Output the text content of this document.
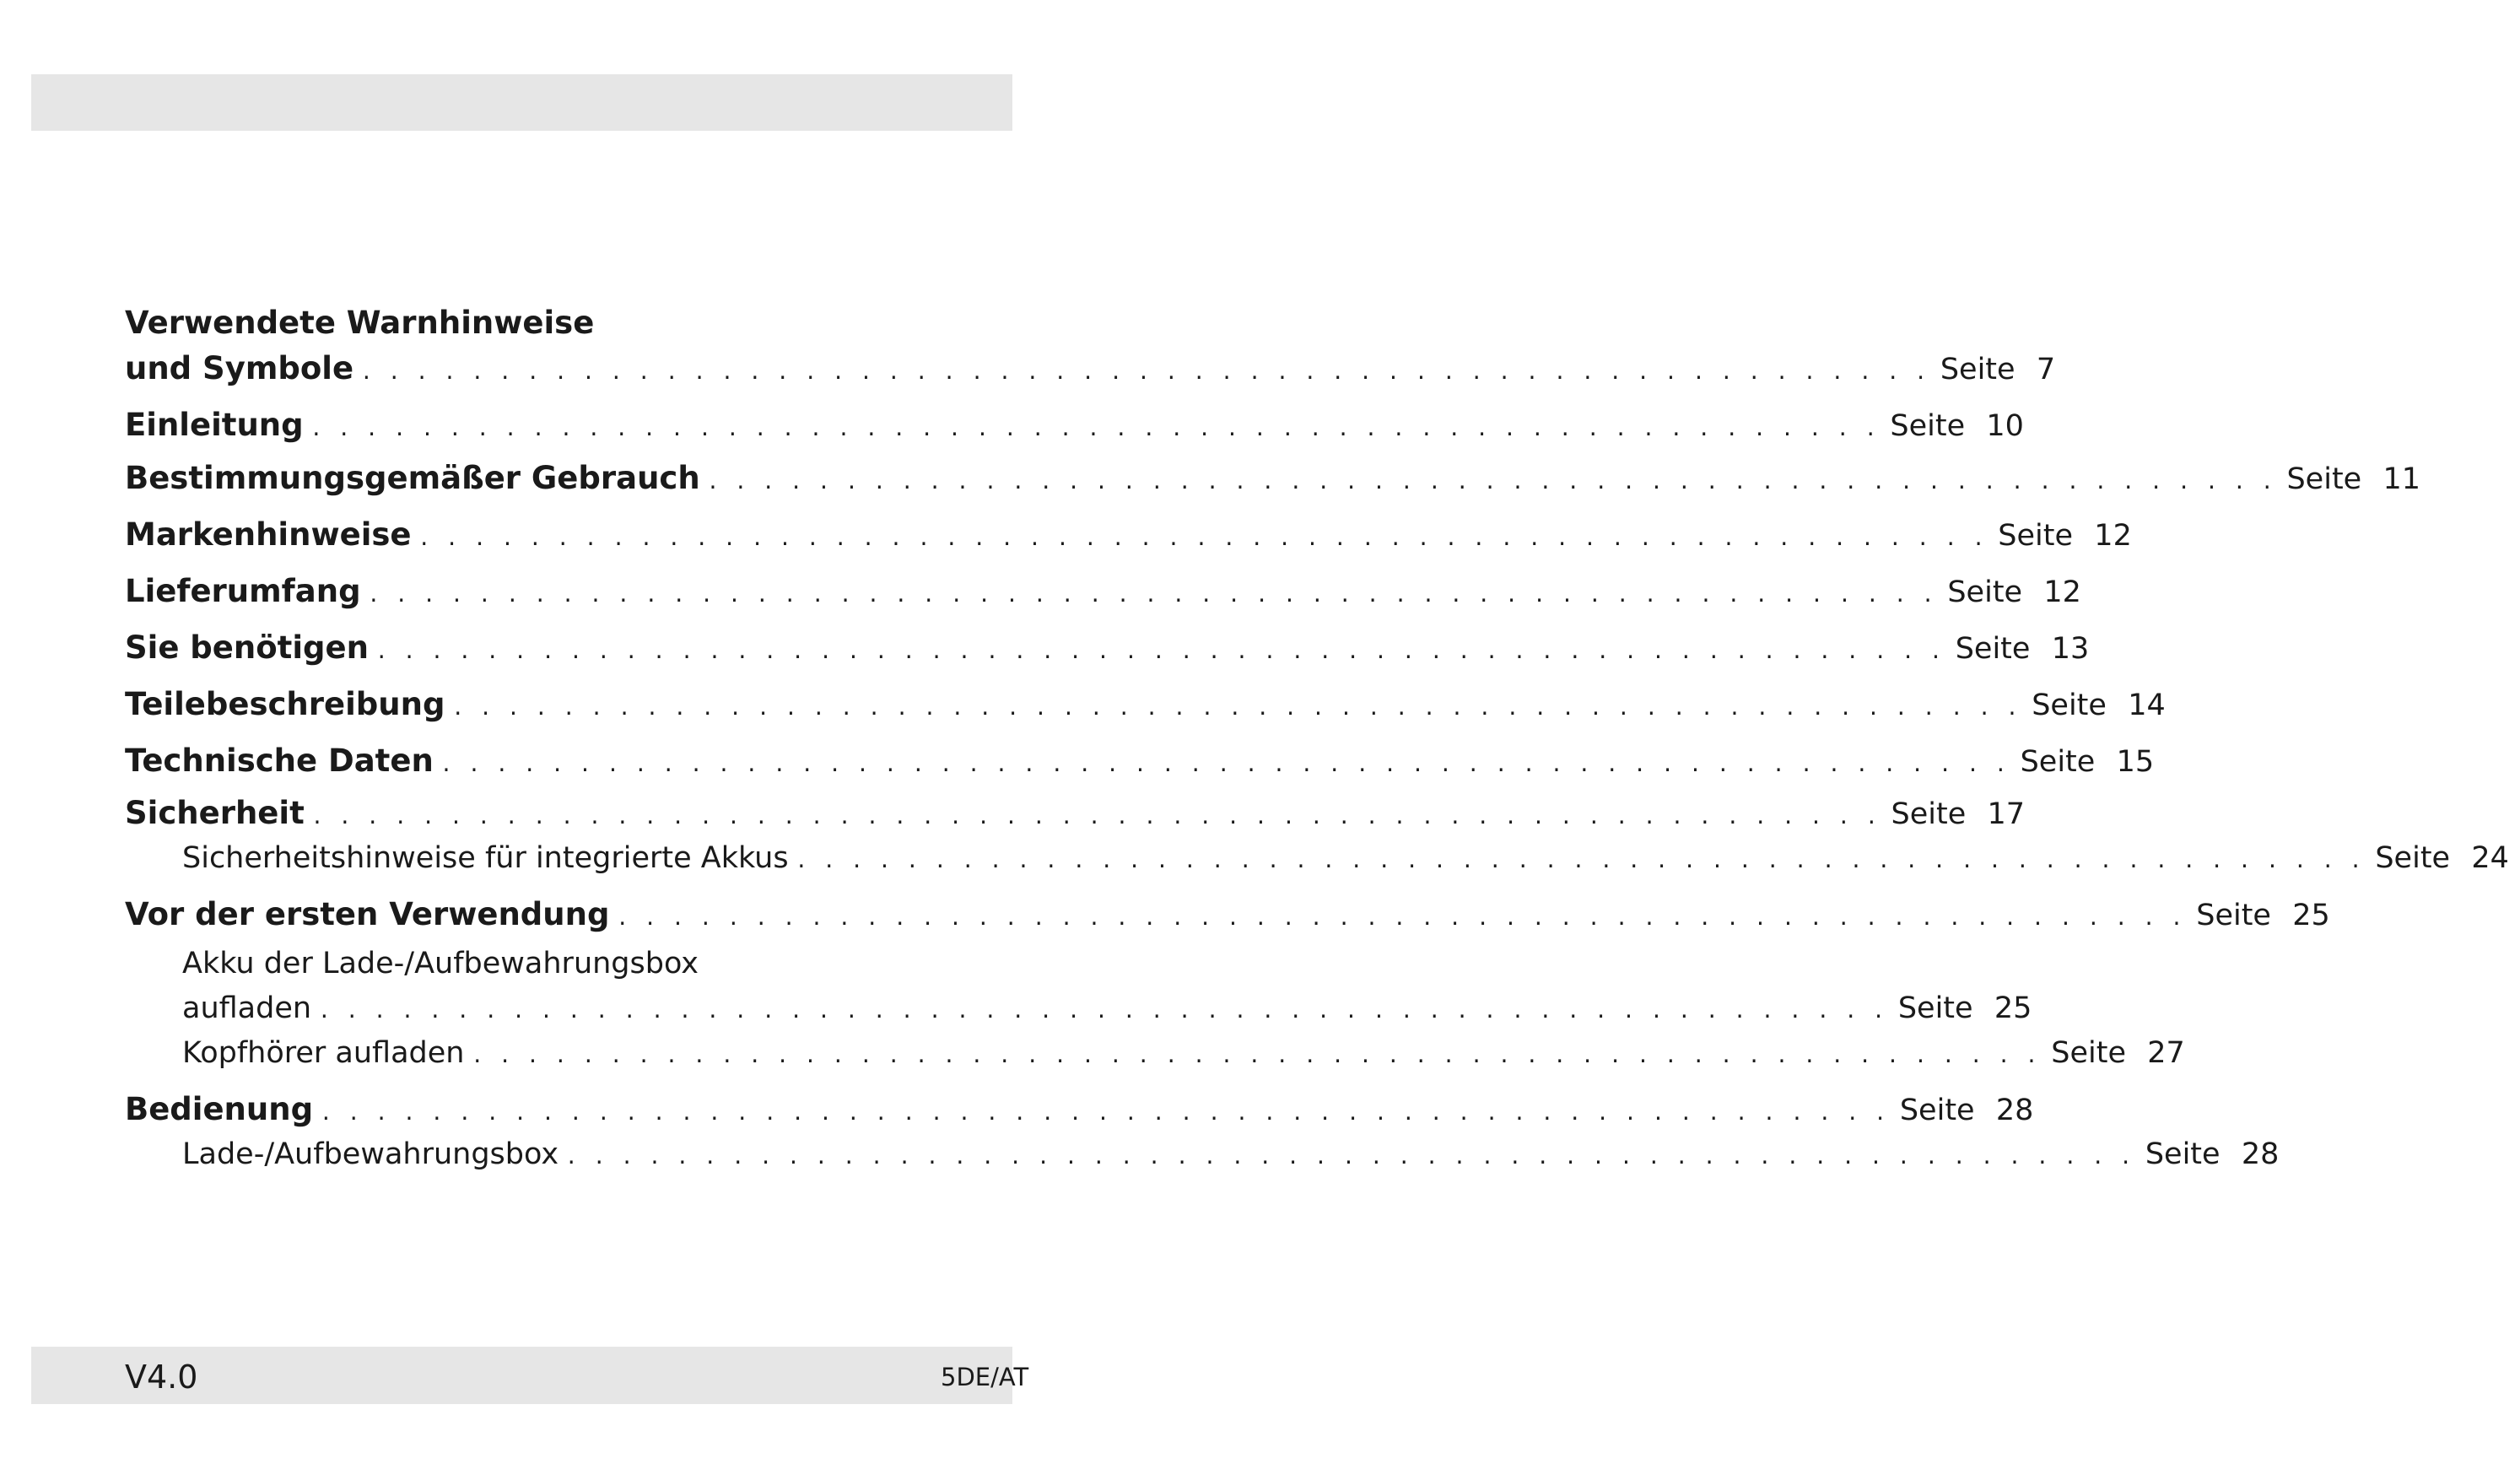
Verwendete Warnhinweise
und Symbole . . .	Seite 7
Einleitung . . .	Seite 10
Bestimmungsgemäßer Gebrauch . . .	Seite 11
Markenhinweise . . .	Seite 12
Lieferumfang . . .	Seite 12
Sie benötigen . . .	Seite 13
Teilebeschreibung . . .	Seite 14
Technische Daten . . .	Seite 15
Sicherheit . . .	Seite 17
Sicherheitshinweise für integrierte Akkus . . .	Seite 24
Vor der ersten Verwendung . . .	Seite 25
Akku der Lade-/Aufbewahrungsbox
aufladen . . .	Seite 25
Kopfhörer aufladen . . .	Seite 27
Bedienung . . .	Seite 28
Lade-/Aufbewahrungsbox . . .	Seite 28
V4.0	5DE/AT
